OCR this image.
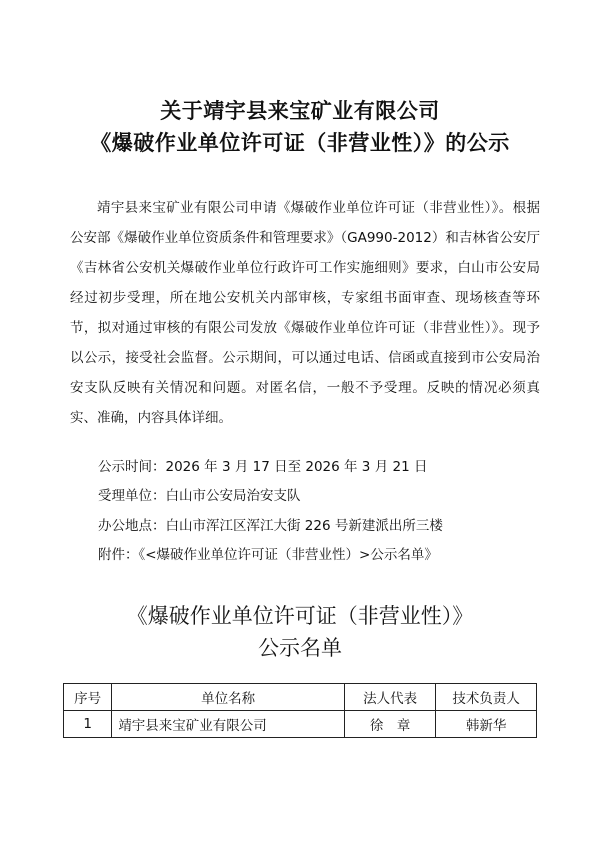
关于靖宇县来宝矿业有限公司
《爆破作业单位许可证（非营业性）》的公示

靖宇县来宝矿业有限公司申请《爆破作业单位许可证（非营业性）》。根据公安部《爆破作业单位资质条件和管理要求》（GA990-2012）和吉林省公安厅《吉林省公安机关爆破作业单位行政许可工作实施细则》要求，白山市公安局经过初步受理，所在地公安机关内部审核，专家组书面审查、现场核查等环节，拟对通过审核的有限公司发放《爆破作业单位许可证（非营业性）》。现予以公示，接受社会监督。公示期间，可以通过电话、信函或直接到市公安局治安支队反映有关情况和问题。对匿名信，一般不予受理。反映的情况必须真实、准确，内容具体详细。

公示时间：2026 年 3 月 17 日至 2026 年 3 月 21 日
受理单位：白山市公安局治安支队
办公地点：白山市浑江区浑江大街 226 号新建派出所三楼
附件：《<爆破作业单位许可证（非营业性）>公示名单》
《爆破作业单位许可证（非营业性）》
公示名单
序号	单位名称	法人代表	技术负责人
1	靖宇县来宝矿业有限公司	徐　章	韩新华
